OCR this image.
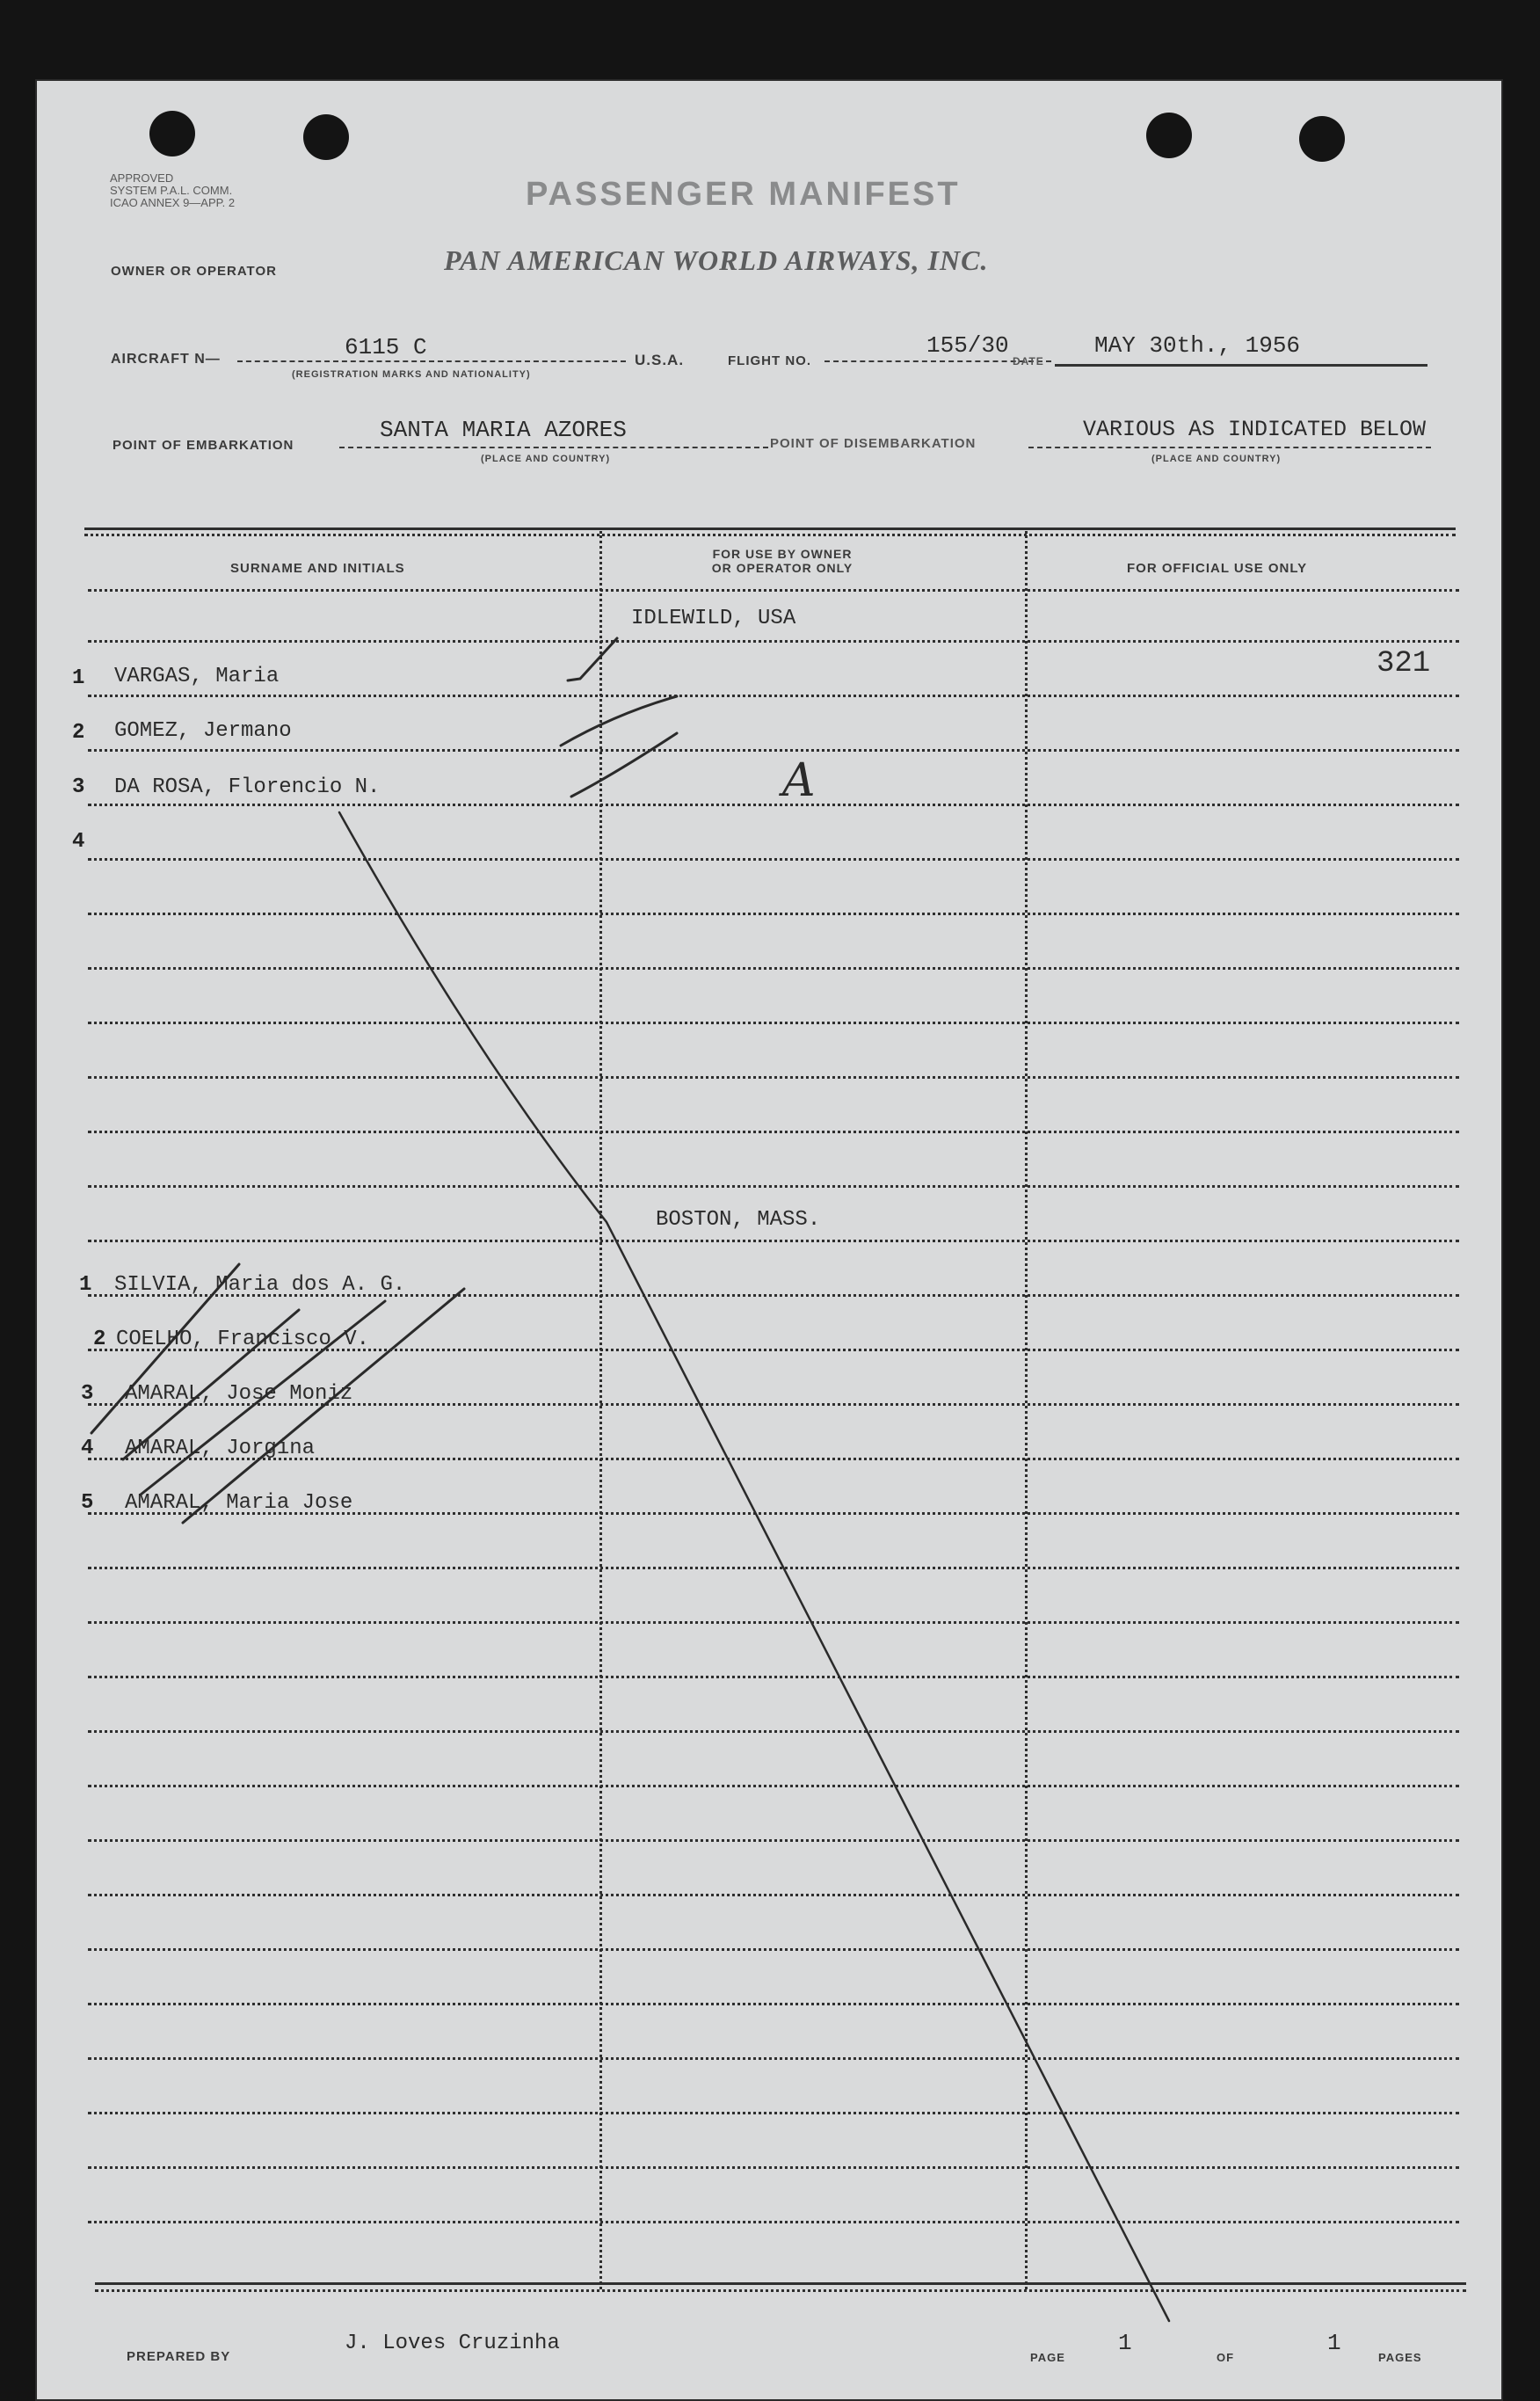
APPROVED
SYSTEM P.A.L. COMM.
ICAO ANNEX 9—APP. 2	PASSENGER MANIFEST
OWNER OR OPERATOR	PAN AMERICAN WORLD AIRWAYS, INC.
AIRCRAFT N—	6115 C
(REGISTRATION MARKS AND NATIONALITY)
U.S.A.	FLIGHT NO.
155/30
DATE
MAY 30th., 1956
POINT OF EMBARKATION
SANTA MARIA AZORES
(PLACE AND COUNTRY)
POINT OF DISEMBARKATION
VARIOUS AS INDICATED BELOW
(PLACE AND COUNTRY)
SURNAME AND INITIALS
FOR USE BY OWNER
OR OPERATOR ONLY	FOR OFFICIAL USE ONLY
IDLEWILD, USA
321
1 VARGAS, Maria
2 GOMEZ, Jermano
3 DA ROSA, Florencio N.
4
BOSTON, MASS.
1 SILVIA, Maria dos A. G.
2 COELHO, Francisco V.
3 AMARAL, Jose Moniz
4 AMARAL, Jorgina
5 AMARAL, Maria Jose
PREPARED BY
J. Loves Cruzinha
PAGE
1
OF
1
PAGES
A
